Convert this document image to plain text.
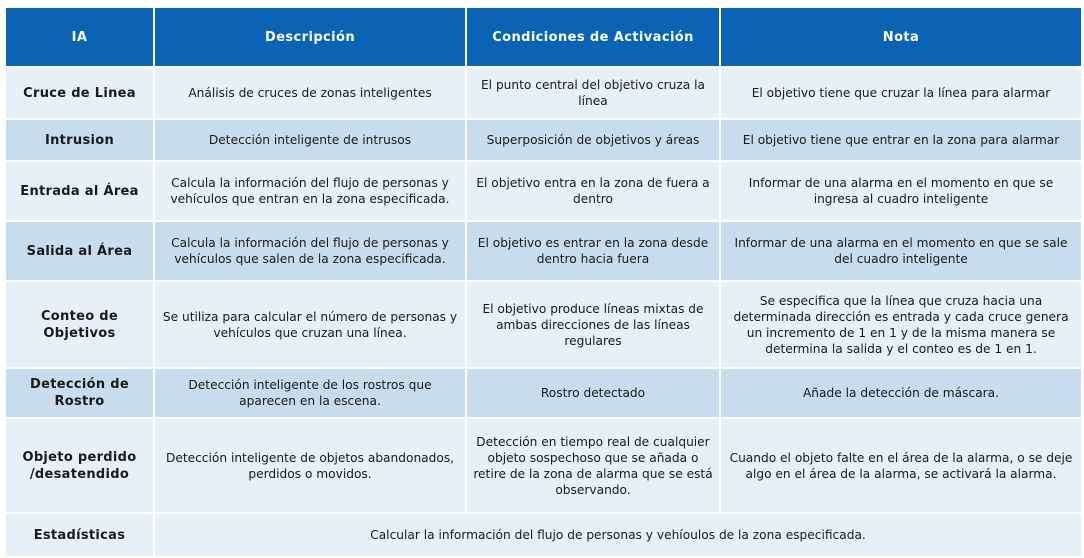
IA	Descripción	Condiciones de Activación	Nota
Cruce de Linea	Análisis de cruces de zonas inteligentes	El punto central del objetivo cruza la línea	El objetivo tiene que cruzar la línea para alarmar
Intrusion	Detección inteligente de intrusos	Superposición de objetivos y áreas	El objetivo tiene que entrar en la zona para alarmar
Entrada al Área	Calcula la información del flujo de personas y vehículos que entran en la zona especificada.	El objetivo entra en la zona de fuera a dentro	Informar de una alarma en el momento en que se ingresa al cuadro inteligente
Salida al Área	Calcula la información del flujo de personas y vehículos que salen de la zona especificada.	El objetivo es entrar en la zona desde dentro hacia fuera	Informar de una alarma en el momento en que se sale del cuadro inteligente
Conteo de Objetivos	Se utiliza para calcular el número de personas y vehículos que cruzan una línea.	El objetivo produce líneas mixtas de ambas direcciones de las líneas regulares	Se especifica que la línea que cruza hacia una determinada dirección es entrada y cada cruce genera un incremento de 1 en 1 y de la misma manera se determina la salida y el conteo es de 1 en 1.
Detección de Rostro	Detección inteligente de los rostros que aparecen en la escena.	Rostro detectado	Añade la detección de máscara.
Objeto perdido /desatendido	Detección inteligente de objetos abandonados, perdidos o movidos.	Detección en tiempo real de cualquier objeto sospechoso que se añada o retire de la zona de alarma que se está observando.	Cuando el objeto falte en el área de la alarma, o se deje algo en el área de la alarma, se activará la alarma.
Estadísticas	Calcular la información del flujo de personas y vehíoulos de la zona especificada.		
